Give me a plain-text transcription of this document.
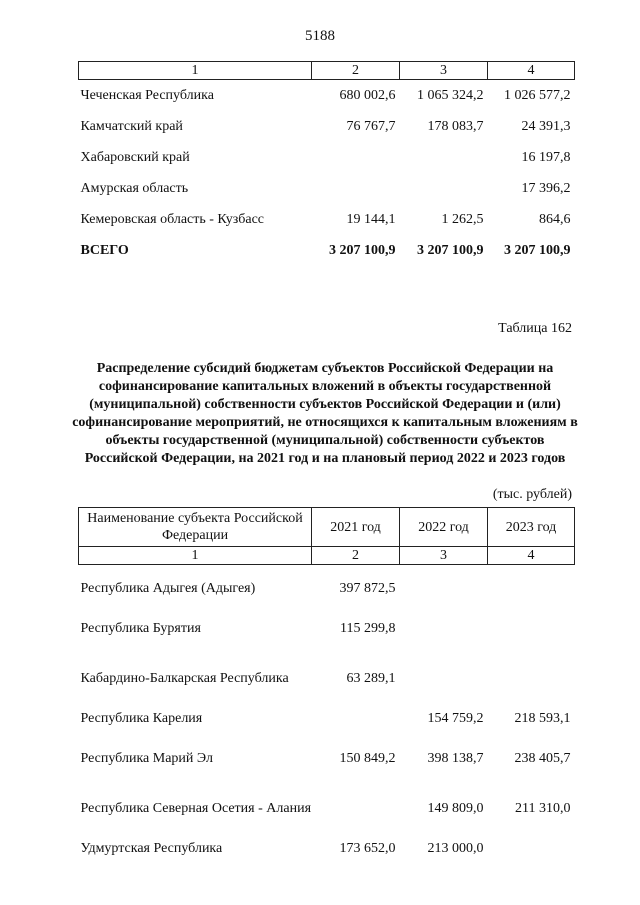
5188
1	2	3	4
Чеченская Республика	680 002,6	1 065 324,2	1 026 577,2
Камчатский край	76 767,7	178 083,7	24 391,3
Хабаровский край			16 197,8
Амурская область			17 396,2
Кемеровская область - Кузбасс	19 144,1	1 262,5	864,6
ВСЕГО	3 207 100,9	3 207 100,9	3 207 100,9
Таблица 162
Распределение субсидий бюджетам субъектов Российской Федерации на софинансирование капитальных вложений в объекты государственной (муниципальной) собственности субъектов Российской Федерации и (или) софинансирование мероприятий, не относящихся к капитальным вложениям в объекты государственной (муниципальной) собственности субъектов Российской Федерации, на 2021 год и на плановый период 2022 и 2023 годов
(тыс. рублей)
Наименование субъекта Российской Федерации	2021 год	2022 год	2023 год
1	2	3	4
Республика Адыгея (Адыгея)	397 872,5		
Республика Бурятия	115 299,8		
Кабардино-Балкарская Республика	63 289,1		
Республика Карелия		154 759,2	218 593,1
Республика Марий Эл	150 849,2	398 138,7	238 405,7
Республика Северная Осетия - Алания		149 809,0	211 310,0
Удмуртская Республика	173 652,0	213 000,0	
